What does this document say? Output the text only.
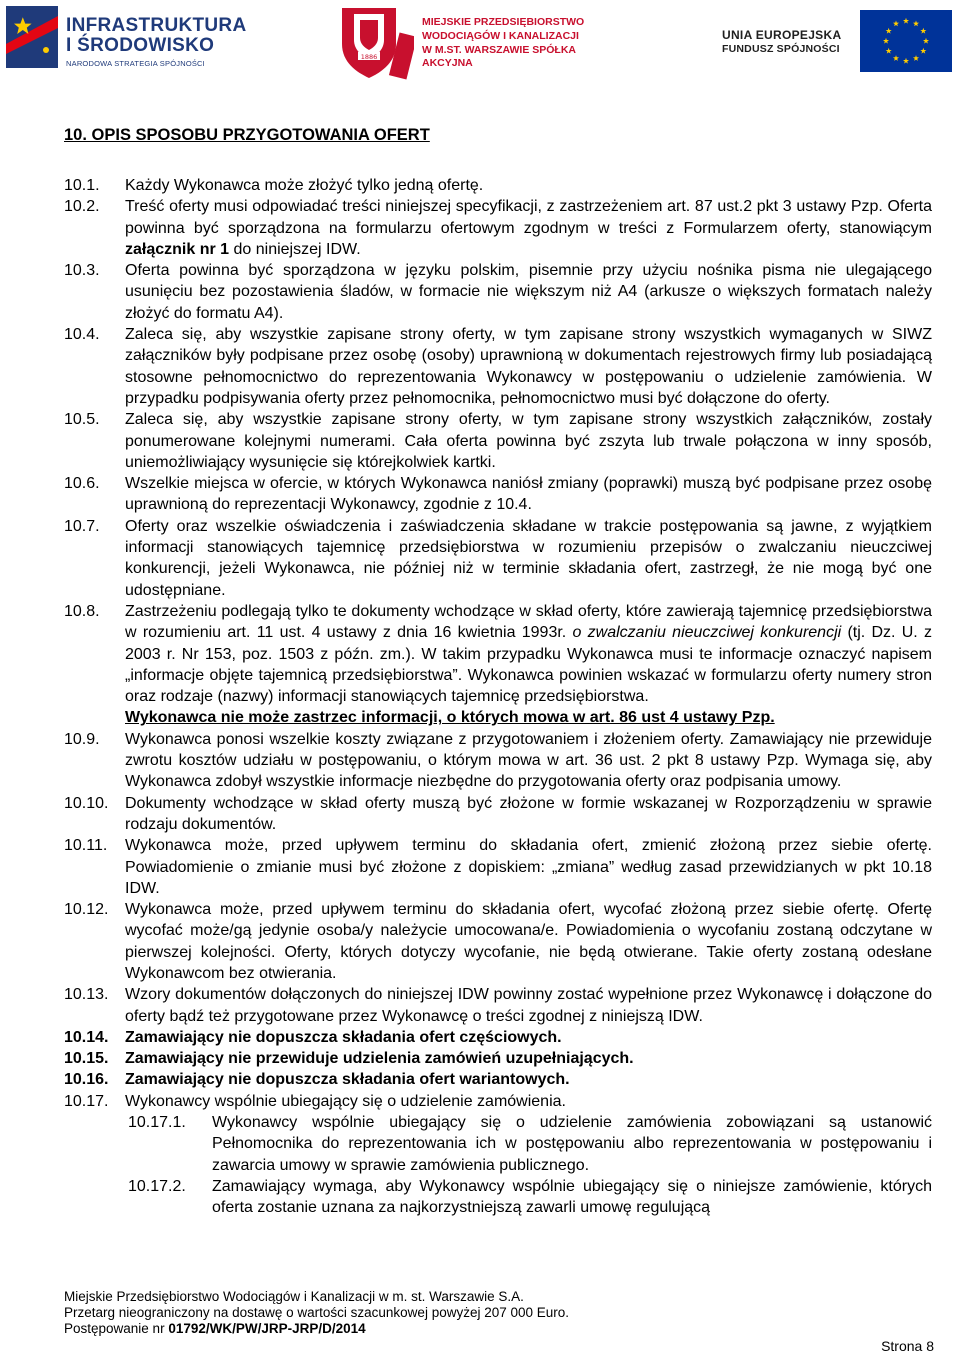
INFRASTRUKTURA
I ŚRODOWISKO
NARODOWA STRATEGIA SPÓJNOŚCI
1886
MIEJSKIE PRZEDSIĘBIORSTWO
WODOCIĄGÓW I KANALIZACJI
W M.ST. WARSZAWIE SPÓŁKA AKCYJNA
UNIA EUROPEJSKA
FUNDUSZ SPÓJNOŚCI
10. OPIS SPOSOBU PRZYGOTOWANIA OFERT
10.1. Każdy Wykonawca może złożyć tylko jedną ofertę.
10.2. Treść oferty musi odpowiadać treści niniejszej specyfikacji, z zastrzeżeniem art. 87 ust.2 pkt 3 ustawy Pzp. Oferta powinna być sporządzona na formularzu ofertowym zgodnym w treści z Formularzem oferty, stanowiącym załącznik nr 1 do niniejszej IDW.
10.3. Oferta powinna być sporządzona w języku polskim, pisemnie przy użyciu nośnika pisma nie ulegającego usunięciu bez pozostawienia śladów, w formacie nie większym niż A4 (arkusze o większych formatach należy złożyć do formatu A4).
10.4. Zaleca się, aby wszystkie zapisane strony oferty, w tym zapisane strony wszystkich wymaganych w SIWZ załączników były podpisane przez osobę (osoby) uprawnioną w dokumentach rejestrowych firmy lub posiadającą stosowne pełnomocnictwo do reprezentowania Wykonawcy w postępowaniu o udzielenie zamówienia. W przypadku podpisywania oferty przez pełnomocnika, pełnomocnictwo musi być dołączone do oferty.
10.5. Zaleca się, aby wszystkie zapisane strony oferty, w tym zapisane strony wszystkich załączników, zostały ponumerowane kolejnymi numerami. Cała oferta powinna być zszyta lub trwale połączona w inny sposób, uniemożliwiający wysunięcie się którejkolwiek kartki.
10.6. Wszelkie miejsca w ofercie, w których Wykonawca naniósł zmiany (poprawki) muszą być podpisane przez osobę uprawnioną do reprezentacji Wykonawcy, zgodnie z 10.4.
10.7. Oferty oraz wszelkie oświadczenia i zaświadczenia składane w trakcie postępowania są jawne, z wyjątkiem informacji stanowiących tajemnicę przedsiębiorstwa w rozumieniu przepisów o zwalczaniu nieuczciwej konkurencji, jeżeli Wykonawca, nie później niż w terminie składania ofert, zastrzegł, że nie mogą być one udostępniane.
10.8. Zastrzeżeniu podlegają tylko te dokumenty wchodzące w skład oferty, które zawierają tajemnicę przedsiębiorstwa w rozumieniu art. 11 ust. 4 ustawy z dnia 16 kwietnia 1993r. o zwalczaniu nieuczciwej konkurencji (tj. Dz. U. z 2003 r. Nr 153, poz. 1503 z późn. zm.). W takim przypadku Wykonawca musi te informacje oznaczyć napisem „informacje objęte tajemnicą przedsiębiorstwa”. Wykonawca powinien wskazać w formularzu oferty numery stron oraz rodzaje (nazwy) informacji stanowiących tajemnicę przedsiębiorstwa.
Wykonawca nie może zastrzec informacji, o których mowa w art. 86 ust 4 ustawy Pzp.
10.9. Wykonawca ponosi wszelkie koszty związane z przygotowaniem i złożeniem oferty. Zamawiający nie przewiduje zwrotu kosztów udziału w postępowaniu, o którym mowa w art. 36 ust. 2 pkt 8 ustawy Pzp. Wymaga się, aby Wykonawca zdobył wszystkie informacje niezbędne do przygotowania oferty oraz podpisania umowy.
10.10. Dokumenty wchodzące w skład oferty muszą być złożone w formie wskazanej w Rozporządzeniu w sprawie rodzaju dokumentów.
10.11. Wykonawca może, przed upływem terminu do składania ofert, zmienić złożoną przez siebie ofertę. Powiadomienie o zmianie musi być złożone z dopiskiem: „zmiana” według zasad przewidzianych w pkt 10.18 IDW.
10.12. Wykonawca może, przed upływem terminu do składania ofert, wycofać złożoną przez siebie ofertę. Ofertę wycofać może/gą jedynie osoba/y należycie umocowana/e. Powiadomienia o wycofaniu zostaną odczytane w pierwszej kolejności. Oferty, których dotyczy wycofanie, nie będą otwierane. Takie oferty zostaną odesłane Wykonawcom bez otwierania.
10.13. Wzory dokumentów dołączonych do niniejszej IDW powinny zostać wypełnione przez Wykonawcę i dołączone do oferty bądź też przygotowane przez Wykonawcę o treści zgodnej z niniejszą IDW.
10.14. Zamawiający nie dopuszcza składania ofert częściowych.
10.15. Zamawiający nie przewiduje udzielenia zamówień uzupełniających.
10.16. Zamawiający nie dopuszcza składania ofert wariantowych.
10.17. Wykonawcy wspólnie ubiegający się o udzielenie zamówienia.
10.17.1. Wykonawcy wspólnie ubiegający się o udzielenie zamówienia zobowiązani są ustanowić Pełnomocnika do reprezentowania ich w postępowaniu albo reprezentowania w postępowaniu i zawarcia umowy w sprawie zamówienia publicznego.
10.17.2. Zamawiający wymaga, aby Wykonawcy wspólnie ubiegający się o niniejsze zamówienie, których oferta zostanie uznana za najkorzystniejszą zawarli umowę regulującą
Miejskie Przedsiębiorstwo Wodociągów i Kanalizacji w m. st. Warszawie S.A.
Przetarg nieograniczony na dostawę o wartości szacunkowej powyżej 207 000 Euro.
Postępowanie nr 01792/WK/PW/JRP-JRP/D/2014
Strona 8
